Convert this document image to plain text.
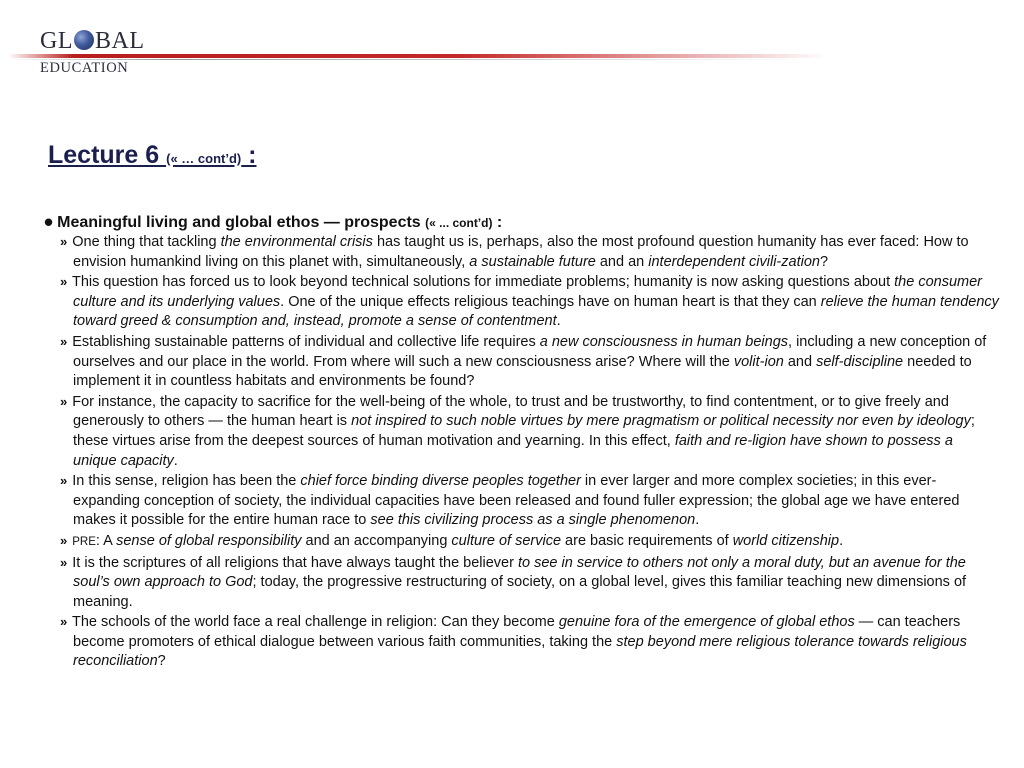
GL BAL
EDUCATION
Lecture 6 (« … cont’d) :
• Meaningful living and global ethos — prospects (« ... cont’d) :

» One thing that tackling the environmental crisis has taught us is, perhaps, also the most profound question humanity has ever faced: How to envision humankind living on this planet with, simultaneously, a sustainable future and an interdependent civili-zation?

» This question has forced us to look beyond technical solutions for immediate problems; humanity is now asking questions about the consumer culture and its underlying values. One of the unique effects religious teachings have on human heart is that they can relieve the human tendency toward greed & consumption and, instead, promote a sense of contentment.

» Establishing sustainable patterns of individual and collective life requires a new consciousness in human beings, including a new conception of ourselves and our place in the world. From where will such a new consciousness arise? Where will the volit-ion and self-discipline needed to implement it in countless habitats and environments be found?

» For instance, the capacity to sacrifice for the well-being of the whole, to trust and be trustworthy, to find contentment, or to give freely and generously to others — the human heart is not inspired to such noble virtues by mere pragmatism or political necessity nor even by ideology; these virtues arise from the deepest sources of human motivation and yearning. In this effect, faith and re-ligion have shown to possess a unique capacity.

» In this sense, religion has been the chief force binding diverse peoples together in ever larger and more complex societies; in this ever-expanding conception of society, the individual capacities have been released and found fuller expression; the global age we have entered makes it possible for the entire human race to see this civilizing process as a single phenomenon.

» PRE: A sense of global responsibility and an accompanying culture of service are basic requirements of world citizenship.

» It is the scriptures of all religions that have always taught the believer to see in service to others not only a moral duty, but an avenue for the soul’s own approach to God; today, the progressive restructuring of society, on a global level, gives this familiar teaching new dimensions of meaning.

» The schools of the world face a real challenge in religion: Can they become genuine fora of the emergence of global ethos — can teachers become promoters of ethical dialogue between various faith communities, taking the step beyond mere religious tolerance towards religious reconciliation?
